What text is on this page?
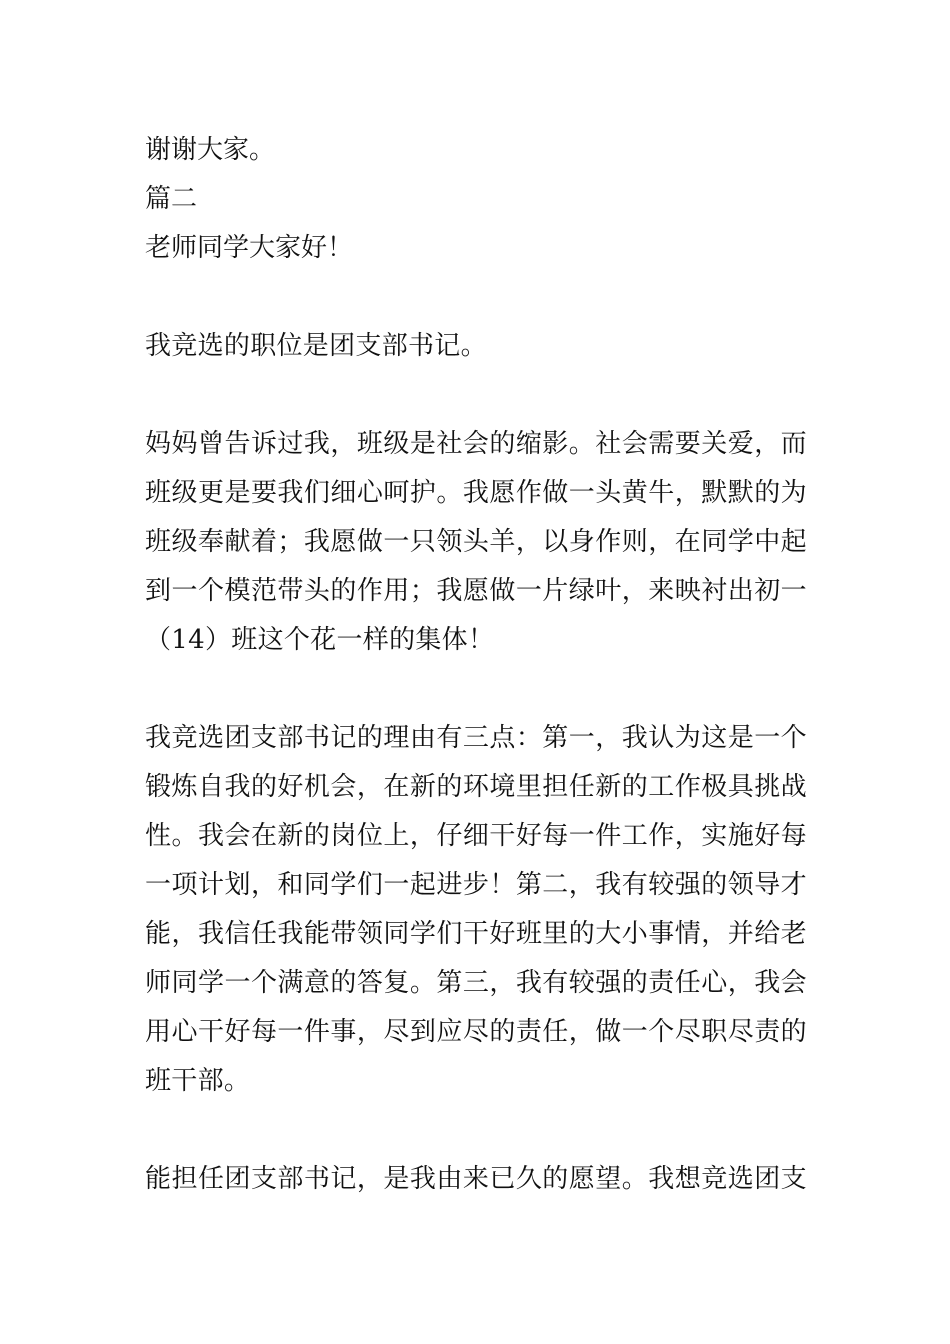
谢谢大家。

篇二

老师同学大家好！

我竞选的职位是团支部书记。

妈妈曾告诉过我，班级是社会的缩影。社会需要关爱，而

班级更是要我们细心呵护。我愿作做一头黄牛，默默的为

班级奉献着；我愿做一只领头羊，以身作则，在同学中起

到一个模范带头的作用；我愿做一片绿叶，来映衬出初一

（14）班这个花一样的集体！

我竞选团支部书记的理由有三点：第一，我认为这是一个

锻炼自我的好机会，在新的环境里担任新的工作极具挑战

性。我会在新的岗位上，仔细干好每一件工作，实施好每

一项计划，和同学们一起进步！第二，我有较强的领导才

能，我信任我能带领同学们干好班里的大小事情，并给老

师同学一个满意的答复。第三，我有较强的责任心，我会

用心干好每一件事，尽到应尽的责任，做一个尽职尽责的

班干部。

能担任团支部书记，是我由来已久的愿望。我想竞选团支
